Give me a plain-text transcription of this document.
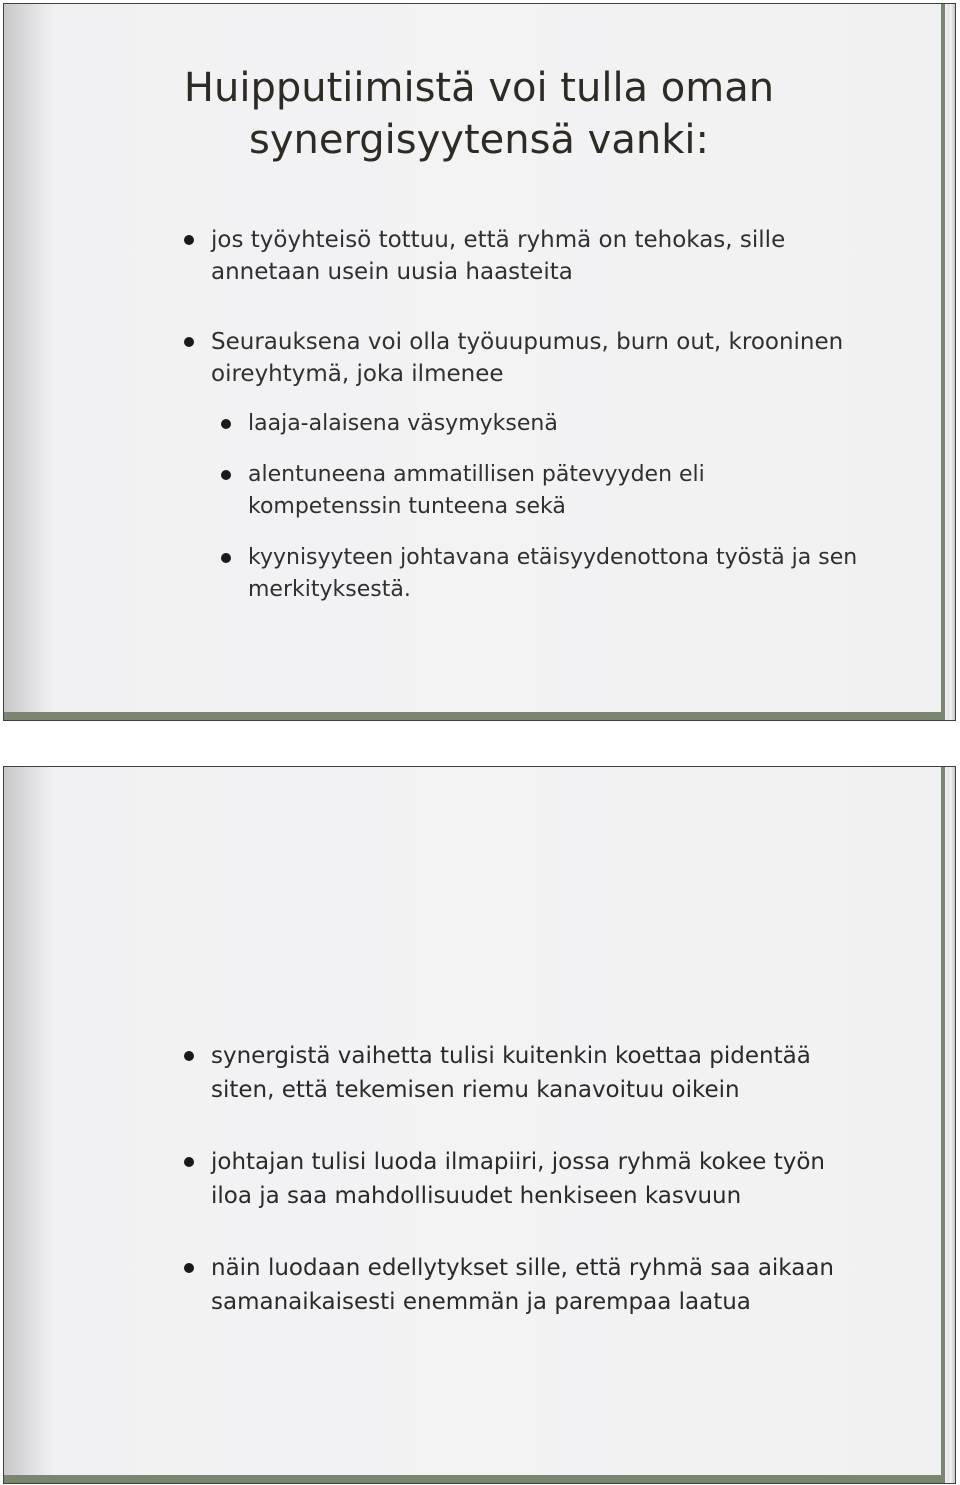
Huipputiimistä voi tulla oman
synergisyytensä vanki:
jos työyhteisö tottuu, että ryhmä on tehokas, sille annetaan usein uusia haasteita
Seurauksena voi olla työuupumus, burn out, krooninen oireyhtymä, joka ilmenee
laaja-alaisena väsymyksenä
alentuneena ammatillisen pätevyyden eli kompetenssin tunteena sekä
kyynisyyteen johtavana etäisyydenottona työstä ja sen merkityksestä.
synergistä vaihetta tulisi kuitenkin koettaa pidentää siten, että tekemisen riemu kanavoituu oikein
johtajan tulisi luoda ilmapiiri, jossa ryhmä kokee työn iloa ja saa mahdollisuudet henkiseen kasvuun
näin luodaan edellytykset sille, että ryhmä saa aikaan samanaikaisesti enemmän ja parempaa laatua
